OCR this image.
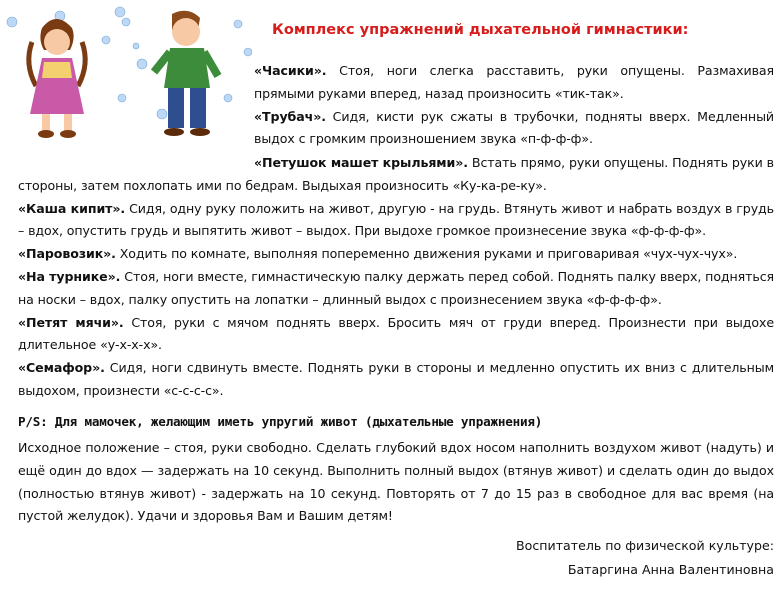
Комплекс упражнений дыхательной гимнастики:

«Часики». Стоя, ноги слегка расставить, руки опущены. Размахивая прямыми руками вперед, назад произносить «тик-так».

«Трубач». Сидя, кисти рук сжаты в трубочки, подняты вверх. Медленный выдох с громким произношением звука «п-ф-ф-ф».

«Петушок машет крыльями». Встать прямо, руки опущены. Поднять руки в стороны, затем похлопать ими по бедрам. Выдыхая произносить «Ку-ка-ре-ку».

«Каша кипит». Сидя, одну руку положить на живот, другую - на грудь. Втянуть живот и набрать воздух в грудь – вдох, опустить грудь и выпятить живот – выдох. При выдохе громкое произнесение звука «ф-ф-ф-ф».

«Паровозик». Ходить по комнате, выполняя попеременно движения руками и приговаривая «чух-чух-чух».

«На турнике». Стоя, ноги вместе, гимнастическую палку держать перед собой. Поднять палку вверх, подняться на носки – вдох, палку опустить на лопатки – длинный выдох с произнесением звука «ф-ф-ф-ф».

«Петят мячи». Стоя, руки с мячом поднять вверх. Бросить мяч от груди вперед. Произнести при выдохе длительное «у-х-х-х».

«Семафор». Сидя, ноги сдвинуть вместе. Поднять руки в стороны и медленно опустить их вниз с длительным выдохом, произнести «с-с-с-с».

P/S: Для мамочек, желающим иметь упругий живот (дыхательные упражнения)
Исходное положение – стоя, руки свободно. Сделать глубокий вдох носом наполнить воздухом живот (надуть) и ещё один до вдох — задержать на 10 секунд. Выполнить полный выдох (втянув живот) и сделать один до выдох (полностью втянув живот) - задержать на 10 секунд. Повторять от 7 до 15 раз в свободное для вас время (на пустой желудок). Удачи и здоровья Вам и Вашим детям!
Воспитатель по физической культуре:
Батаргина Анна Валентиновна
